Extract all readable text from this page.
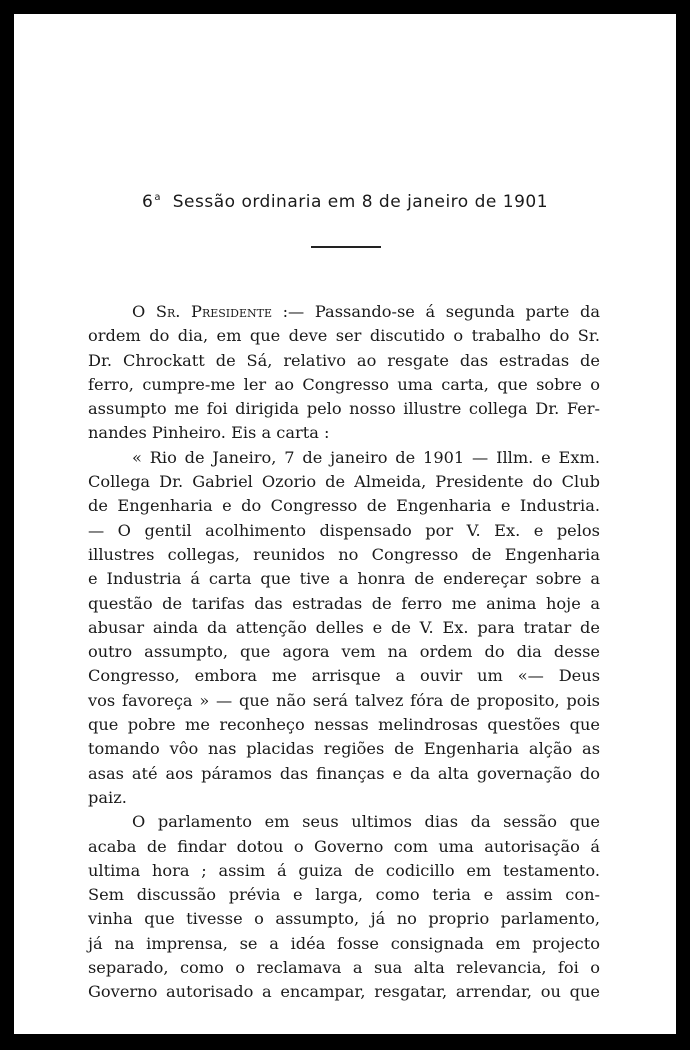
6$^a$ Sessão ordinaria em 8 de janeiro de 1901
O Sr. Presidente :— Passando-se á segunda parte da
ordem do dia, em que deve ser discutido o trabalho do Sr.
Dr. Chrockatt de Sá, relativo ao resgate das estradas de
ferro, cumpre-me ler ao Congresso uma carta, que sobre o
assumpto me foi dirigida pelo nosso illustre collega Dr. Fer-
nandes Pinheiro. Eis a carta :
« Rio de Janeiro, 7 de janeiro de 1901 — Illm. e Exm.
Collega Dr. Gabriel Ozorio de Almeida, Presidente do Club
de Engenharia e do Congresso de Engenharia e Industria.
— O gentil acolhimento dispensado por V. Ex. e pelos
illustres collegas, reunidos no Congresso de Engenharia
e Industria á carta que tive a honra de endereçar sobre a
questão de tarifas das estradas de ferro me anima hoje a
abusar ainda da attenção delles e de V. Ex. para tratar de
outro assumpto, que agora vem na ordem do dia desse
Congresso, embora me arrisque a ouvir um «— Deus
vos favoreça » — que não será talvez fóra de proposito, pois
que pobre me reconheço nessas melindrosas questões que
tomando vôo nas placidas regiões de Engenharia alção as
asas até aos páramos das finanças e da alta governação do
paiz.
O parlamento em seus ultimos dias da sessão que
acaba de findar dotou o Governo com uma autorisação á
ultima hora ; assim á guiza de codicillo em testamento.
Sem discussão prévia e larga, como teria e assim con-
vinha que tivesse o assumpto, já no proprio parlamento,
já na imprensa, se a idéa fosse consignada em projecto
separado, como o reclamava a sua alta relevancia, foi o
Governo autorisado a encampar, resgatar, arrendar, ou que
